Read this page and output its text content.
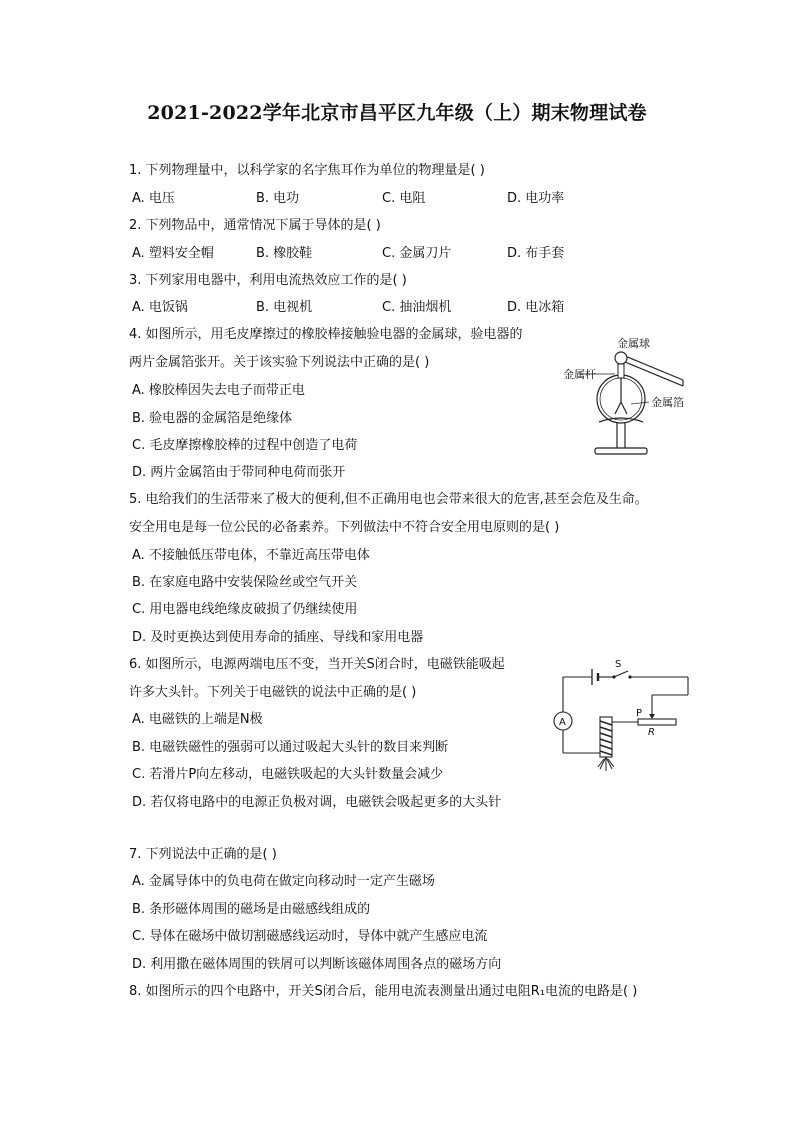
2021-2022学年北京市昌平区九年级（上）期末物理试卷
1. 下列物理量中，以科学家的名字焦耳作为单位的物理量是( )
A. 电压	B. 电功	C. 电阻	D. 电功率
2. 下列物品中，通常情况下属于导体的是( )
A. 塑料安全帽	B. 橡胶鞋	C. 金属刀片	D. 布手套
3. 下列家用电器中，利用电流热效应工作的是( )
A. 电饭锅	B. 电视机	C. 抽油烟机	D. 电冰箱
4. 如图所示，用毛皮摩擦过的橡胶棒接触验电器的金属球，验电器的
两片金属箔张开。关于该实验下列说法中正确的是( )
A. 橡胶棒因失去电子而带正电
B. 验电器的金属箔是绝缘体
C. 毛皮摩擦橡胶棒的过程中创造了电荷
D. 两片金属箔由于带同种电荷而张开
金属球
金属杆
金属箔
5. 电给我们的生活带来了极大的便利,但不正确用电也会带来很大的危害,甚至会危及生命。
安全用电是每一位公民的必备素养。下列做法中不符合安全用电原则的是( )
A. 不接触低压带电体，不靠近高压带电体
B. 在家庭电路中安装保险丝或空气开关
C. 用电器电线绝缘皮破损了仍继续使用
D. 及时更换达到使用寿命的插座、导线和家用电器
6. 如图所示，电源两端电压不变，当开关S闭合时，电磁铁能吸起
许多大头针。下列关于电磁铁的说法中正确的是( )
A. 电磁铁的上端是N极
B. 电磁铁磁性的强弱可以通过吸起大头针的数目来判断
C. 若滑片P向左移动，电磁铁吸起的大头针数量会减少
D. 若仅将电路中的电源正负极对调，电磁铁会吸起更多的大头针
S
P
R
A
7. 下列说法中正确的是( )
A. 金属导体中的负电荷在做定向移动时一定产生磁场
B. 条形磁体周围的磁场是由磁感线组成的
C. 导体在磁场中做切割磁感线运动时，导体中就产生感应电流
D. 利用撒在磁体周围的铁屑可以判断该磁体周围各点的磁场方向
8. 如图所示的四个电路中，开关S闭合后，能用电流表测量出通过电阻R₁电流的电路是( )
